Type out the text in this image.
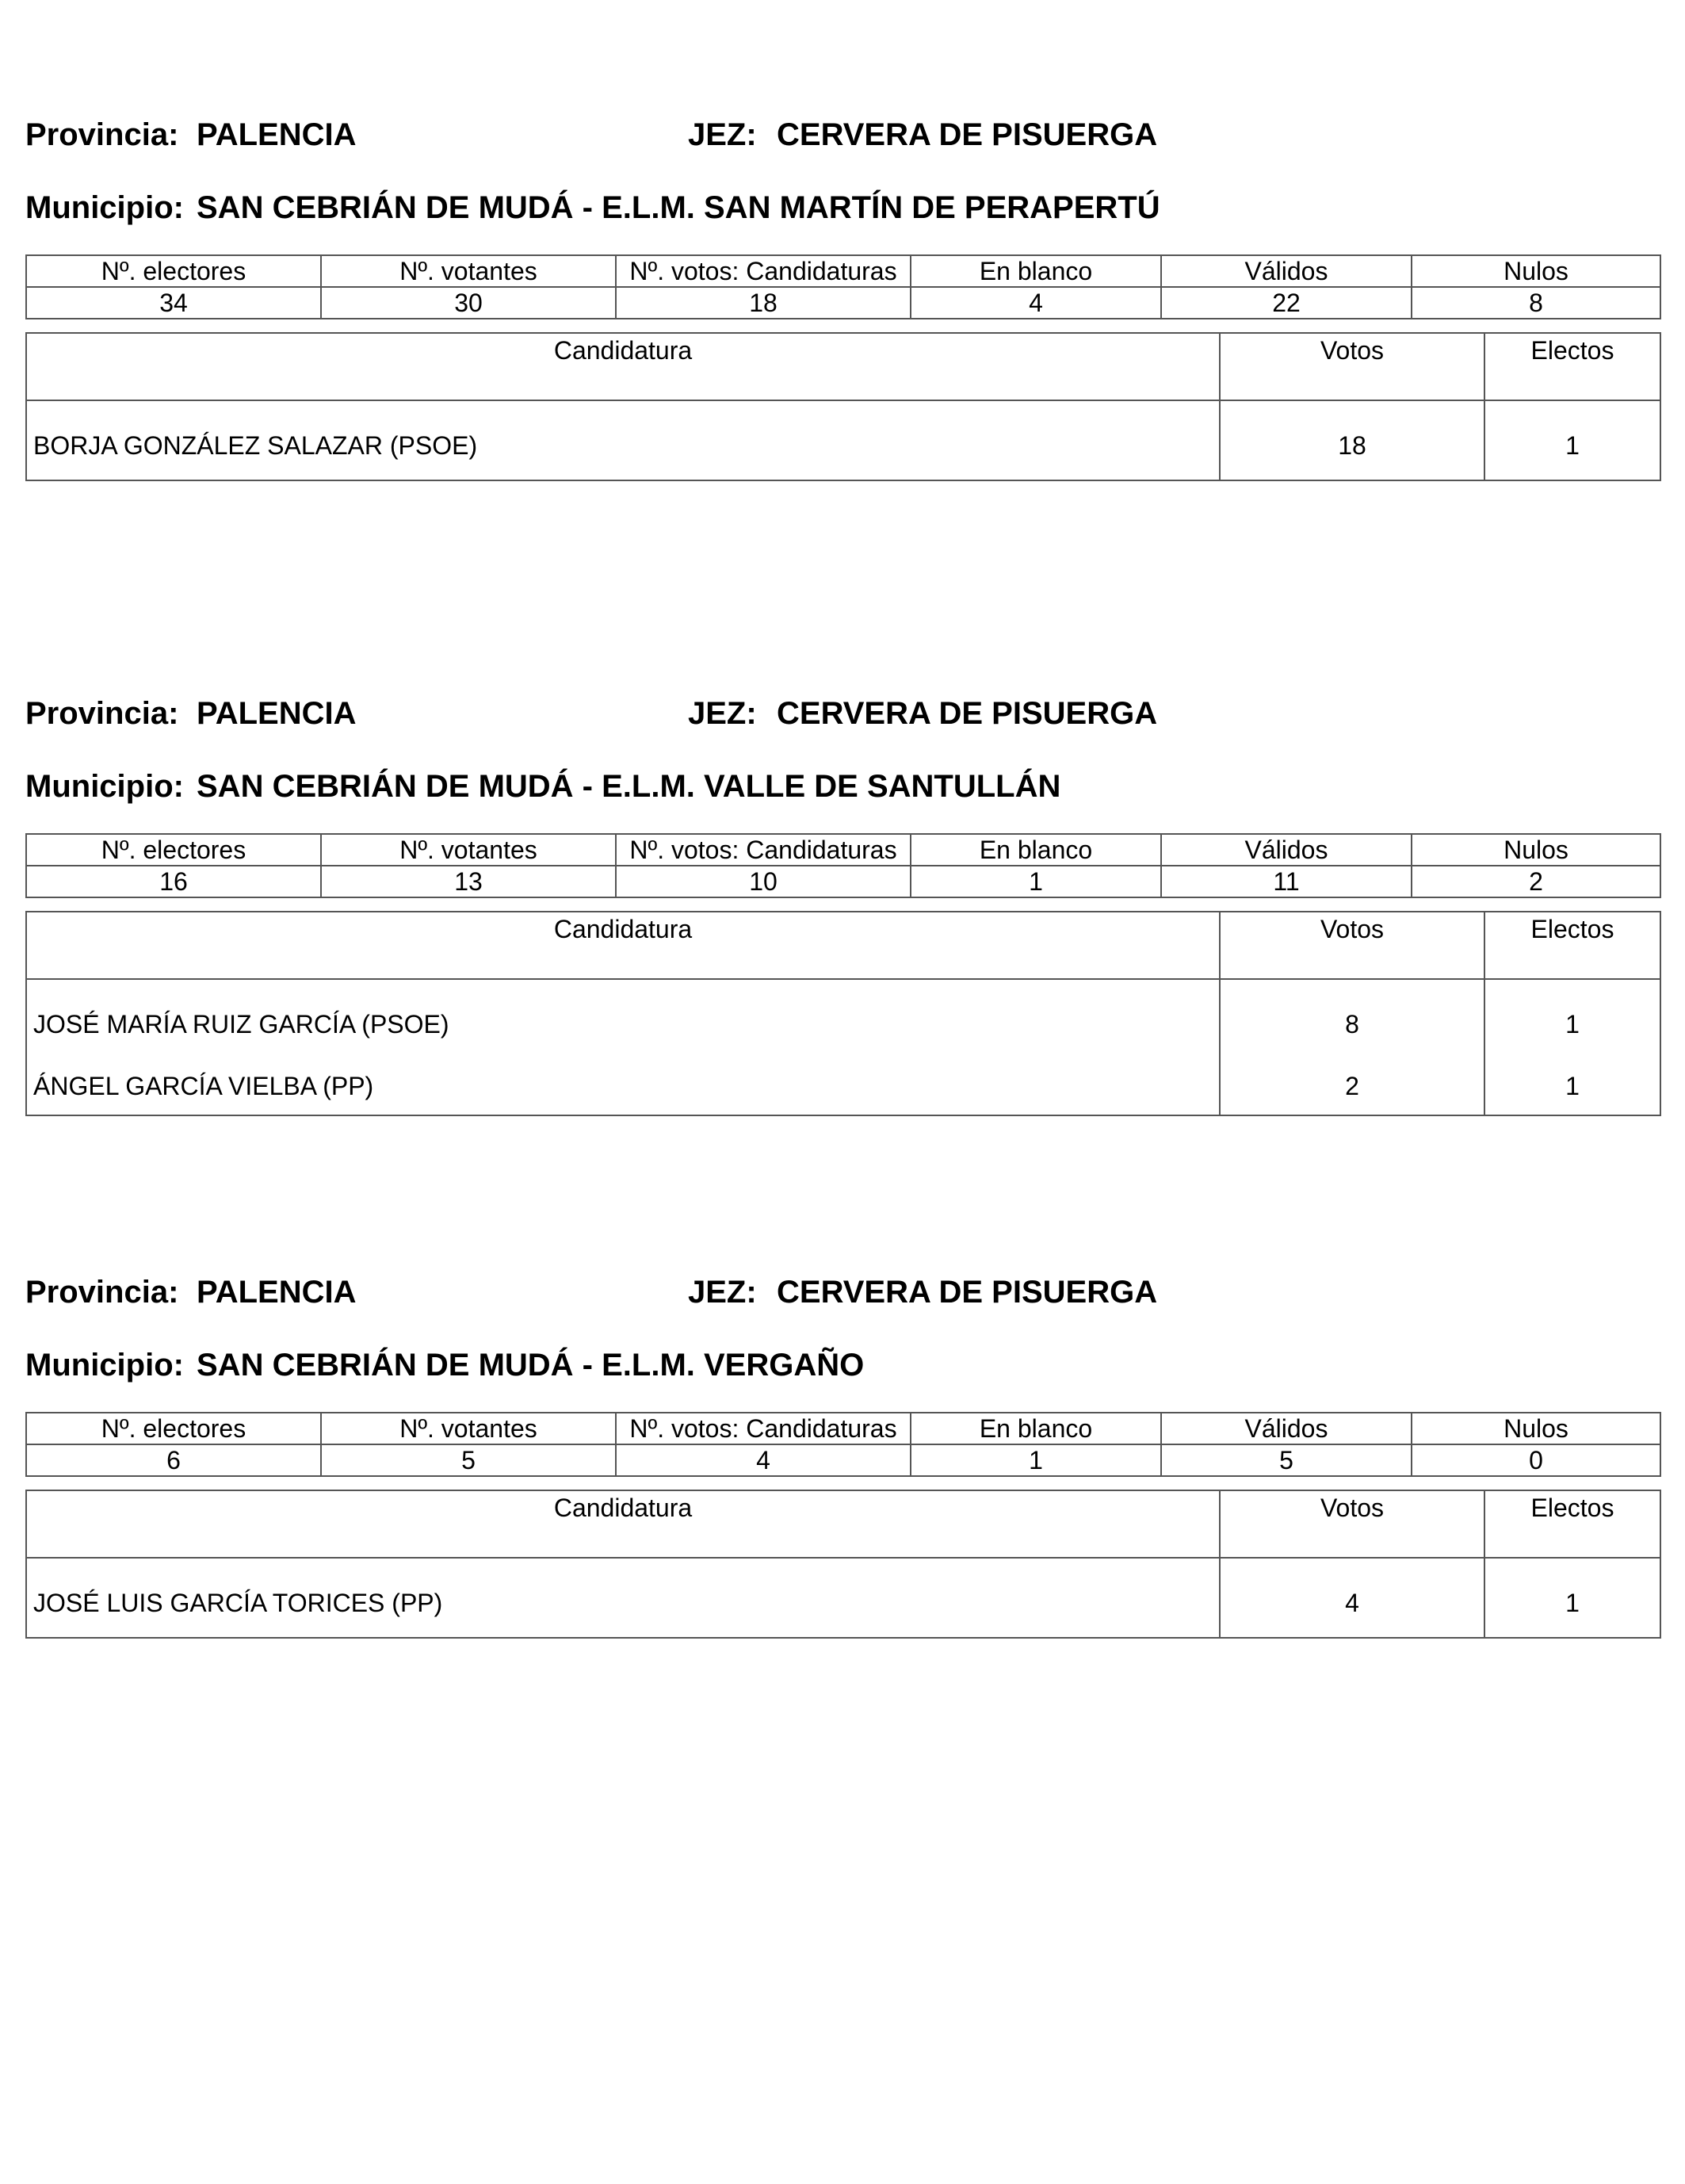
Provincia: PALENCIA	JEZ: CERVERA DE PISUERGA
Municipio: SAN CEBRIÁN DE MUDÁ - E.L.M. SAN MARTÍN DE PERAPERTÚ
Nº. electores	Nº. votantes	Nº. votos: Candidaturas	En blanco	Válidos	Nulos
34	30	18	4	22	8
Candidatura	Votos	Electos
BORJA GONZÁLEZ SALAZAR (PSOE)	18	1
Provincia: PALENCIA	JEZ: CERVERA DE PISUERGA
Municipio: SAN CEBRIÁN DE MUDÁ - E.L.M. VALLE DE SANTULLÁN
Nº. electores	Nº. votantes	Nº. votos: Candidaturas	En blanco	Válidos	Nulos
16	13	10	1	11	2
Candidatura	Votos	Electos
JOSÉ MARÍA RUIZ GARCÍA (PSOE)	8	1
ÁNGEL GARCÍA VIELBA (PP)	2	1
Provincia: PALENCIA	JEZ: CERVERA DE PISUERGA
Municipio: SAN CEBRIÁN DE MUDÁ - E.L.M. VERGAÑO
Nº. electores	Nº. votantes	Nº. votos: Candidaturas	En blanco	Válidos	Nulos
6	5	4	1	5	0
Candidatura	Votos	Electos
JOSÉ LUIS GARCÍA TORICES (PP)	4	1
